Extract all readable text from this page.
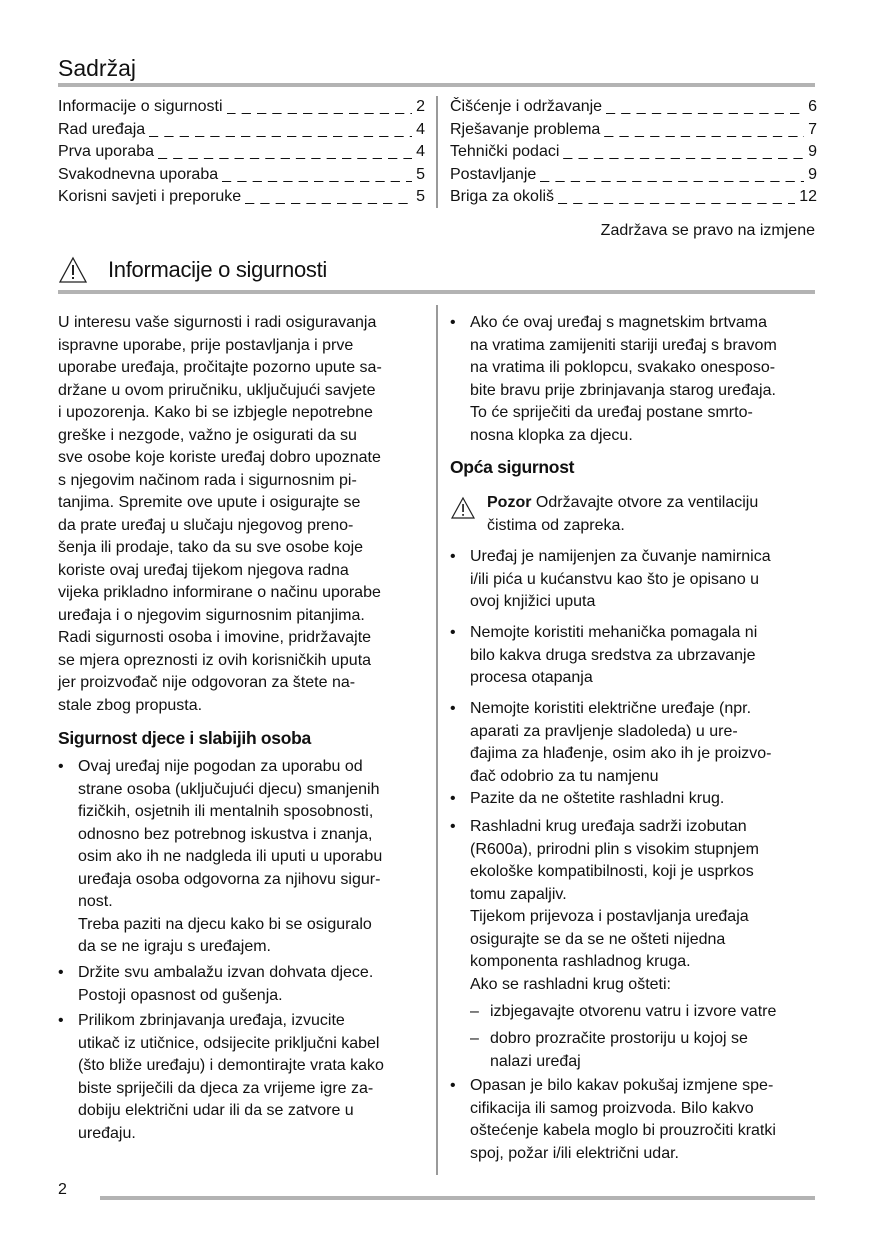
Sadržaj
Informacije o sigurnosti _ _ _	2
Rad uređaja _ _ _	4
Prva uporaba _ _ _	4
Svakodnevna uporaba _ _ _	5
Korisni savjeti i preporuke _ _ _	5
Čišćenje i održavanje _ _ _	6
Rješavanje problema _ _ _	7
Tehnički podaci _ _ _	9
Postavljanje _ _ _	9
Briga za okoliš _ _ _	12
Zadržava se pravo na izmjene
Informacije o sigurnosti
U interesu vaše sigurnosti i radi osiguravanja
ispravne uporabe, prije postavljanja i prve
uporabe uređaja, pročitajte pozorno upute sa-
držane u ovom priručniku, uključujući savjete
i upozorenja. Kako bi se izbjegle nepotrebne
greške i nezgode, važno je osigurati da su
sve osobe koje koriste uređaj dobro upoznate
s njegovim načinom rada i sigurnosnim pi-
tanjima. Spremite ove upute i osigurajte se
da prate uređaj u slučaju njegovog preno-
šenja ili prodaje, tako da su sve osobe koje
koriste ovaj uređaj tijekom njegova radna
vijeka prikladno informirane o načinu uporabe
uređaja i o njegovim sigurnosnim pitanjima.
Radi sigurnosti osoba i imovine, pridržavajte
se mjera opreznosti iz ovih korisničkih uputa
jer proizvođač nije odgovoran za štete na-
stale zbog propusta.
Sigurnost djece i slabijih osoba
• Ovaj uređaj nije pogodan za uporabu od
strane osoba (uključujući djecu) smanjenih
fizičkih, osjetnih ili mentalnih sposobnosti,
odnosno bez potrebnog iskustva i znanja,
osim ako ih ne nadgleda ili uputi u uporabu
uređaja osoba odgovorna za njihovu sigur-
nost.
Treba paziti na djecu kako bi se osiguralo
da se ne igraju s uređajem.
• Držite svu ambalažu izvan dohvata djece.
Postoji opasnost od gušenja.
• Prilikom zbrinjavanja uređaja, izvucite
utikač iz utičnice, odsijecite priključni kabel
(što bliže uređaju) i demontirajte vrata kako
biste spriječili da djeca za vrijeme igre za-
dobiju električni udar ili da se zatvore u
uređaju.
• Ako će ovaj uređaj s magnetskim brtvama
na vratima zamijeniti stariji uređaj s bravom
na vratima ili poklopcu, svakako onesposo-
bite bravu prije zbrinjavanja starog uređaja.
To će spriječiti da uređaj postane smrto-
nosna klopka za djecu.
Opća sigurnost
• Uređaj je namijenjen za čuvanje namirnica
i/ili pića u kućanstvu kao što je opisano u
ovoj knjižici uputa
• Nemojte koristiti mehanička pomagala ni
bilo kakva druga sredstva za ubrzavanje
procesa otapanja
• Nemojte koristiti električne uređaje (npr.
aparati za pravljenje sladoleda) u ure-
đajima za hlađenje, osim ako ih je proizvo-
đač odobrio za tu namjenu
• Pazite da ne oštetite rashladni krug.
• Rashladni krug uređaja sadrži izobutan
(R600a), prirodni plin s visokim stupnjem
ekološke kompatibilnosti, koji je usprkos
tomu zapaljiv.
Tijekom prijevoza i postavljanja uređaja
osigurajte se da se ne ošteti nijedna
komponenta rashladnog kruga.
Ako se rashladni krug ošteti:
– izbjegavajte otvorenu vatru i izvore vatre
– dobro prozračite prostoriju u kojoj se
nalazi uređaj
• Opasan je bilo kakav pokušaj izmjene spe-
cifikacija ili samog proizvoda. Bilo kakvo
oštećenje kabela moglo bi prouzročiti kratki
spoj, požar i/ili električni udar.
Pozor Održavajte otvore za ventilaciju
čistima od zapreka.
2
